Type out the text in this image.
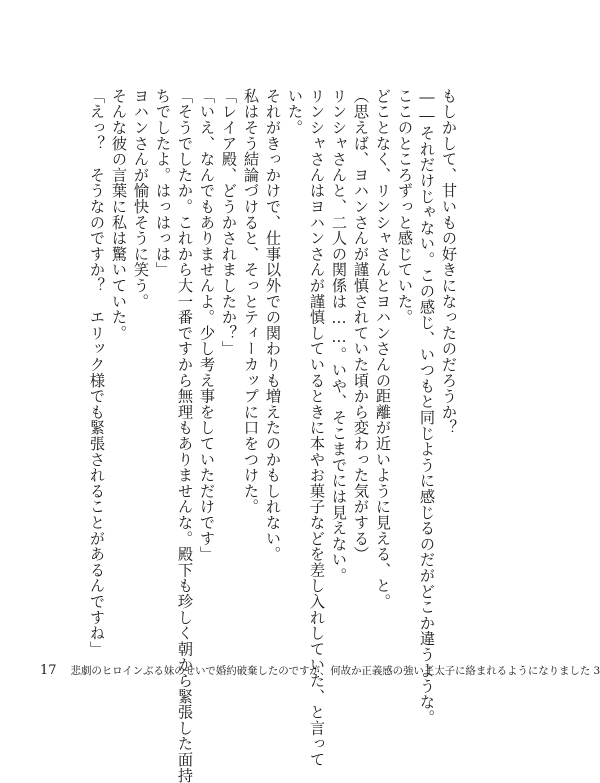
もしかして、甘いもの好きになったのだろうか？
――それだけじゃない。この感じ、いつもと同じように感じるのだがどこか違うような。
ここのところずっと感じていた。
どことなく、リンシャさんとヨハンさんの距離が近いように見える、と。
（思えば、ヨハンさんが謹慎されていた頃から変わった気がする）
リンシャさんと、二人の関係は……。いや、そこまでには見えない。
リンシャさんはヨハンさんが謹慎しているときに本やお菓子などを差し入れしていた、と言って
いた。
それがきっかけで、仕事以外での関わりも増えたのかもしれない。
私はそう結論づけると、そっとティーカップに口をつけた。
「レイア殿、どうかされましたか？」
「いえ、なんでもありませんよ。少し考え事をしていただけです」
「そうでしたか。これから大一番ですから無理もありませんな。殿下も珍しく朝から緊張した面持
ちでしたよ。はっはっは」
ヨハンさんが愉快そうに笑う。
そんな彼の言葉に私は驚いていた。
「えっ？　そうなのですか？　エリック様でも緊張されることがあるんですね」
17 悲劇のヒロインぶる妹のせいで婚約破棄したのですが、何故か正義感の強い王太子に絡まれるようになりました 3
